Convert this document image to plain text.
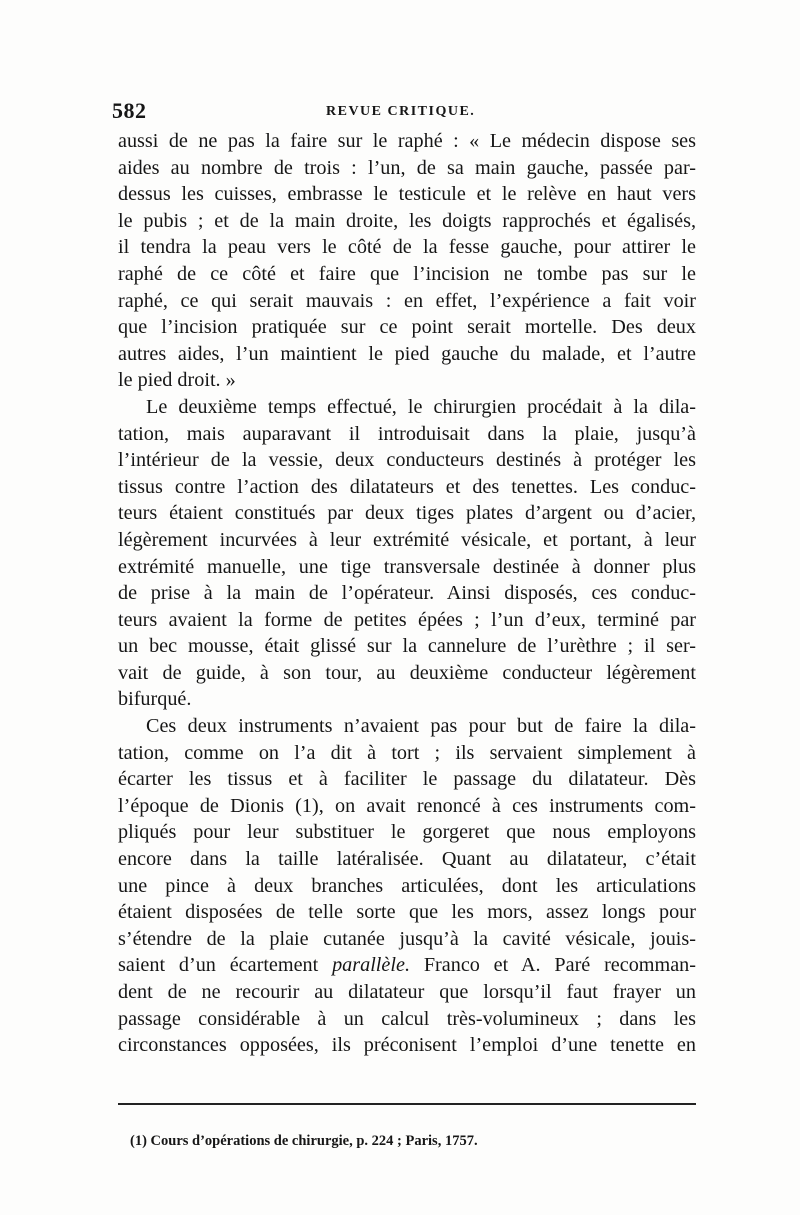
582	REVUE CRITIQUE.
aussi de ne pas la faire sur le raphé : « Le médecin dispose ses
aides au nombre de trois : l’un, de sa main gauche, passée par-
dessus les cuisses, embrasse le testicule et le relève en haut vers
le pubis ; et de la main droite, les doigts rapprochés et égalisés,
il tendra la peau vers le côté de la fesse gauche, pour attirer le
raphé de ce côté et faire que l’incision ne tombe pas sur le
raphé, ce qui serait mauvais : en effet, l’expérience a fait voir
que l’incision pratiquée sur ce point serait mortelle. Des deux
autres aides, l’un maintient le pied gauche du malade, et l’autre
le pied droit. »
Le deuxième temps effectué, le chirurgien procédait à la dila-
tation, mais auparavant il introduisait dans la plaie, jusqu’à
l’intérieur de la vessie, deux conducteurs destinés à protéger les
tissus contre l’action des dilatateurs et des tenettes. Les conduc-
teurs étaient constitués par deux tiges plates d’argent ou d’acier,
légèrement incurvées à leur extrémité vésicale, et portant, à leur
extrémité manuelle, une tige transversale destinée à donner plus
de prise à la main de l’opérateur. Ainsi disposés, ces conduc-
teurs avaient la forme de petites épées ; l’un d’eux, terminé par
un bec mousse, était glissé sur la cannelure de l’urèthre ; il ser-
vait de guide, à son tour, au deuxième conducteur légèrement
bifurqué.
Ces deux instruments n’avaient pas pour but de faire la dila-
tation, comme on l’a dit à tort ; ils servaient simplement à
écarter les tissus et à faciliter le passage du dilatateur. Dès
l’époque de Dionis (1), on avait renoncé à ces instruments com-
pliqués pour leur substituer le gorgeret que nous employons
encore dans la taille latéralisée. Quant au dilatateur, c’était
une pince à deux branches articulées, dont les articulations
étaient disposées de telle sorte que les mors, assez longs pour
s’étendre de la plaie cutanée jusqu’à la cavité vésicale, jouis-
saient d’un écartement parallèle. Franco et A. Paré recomman-
dent de ne recourir au dilatateur que lorsqu’il faut frayer un
passage considérable à un calcul très-volumineux ; dans les
circonstances opposées, ils préconisent l’emploi d’une tenette en
(1) Cours d’opérations de chirurgie, p. 224 ; Paris, 1757.
